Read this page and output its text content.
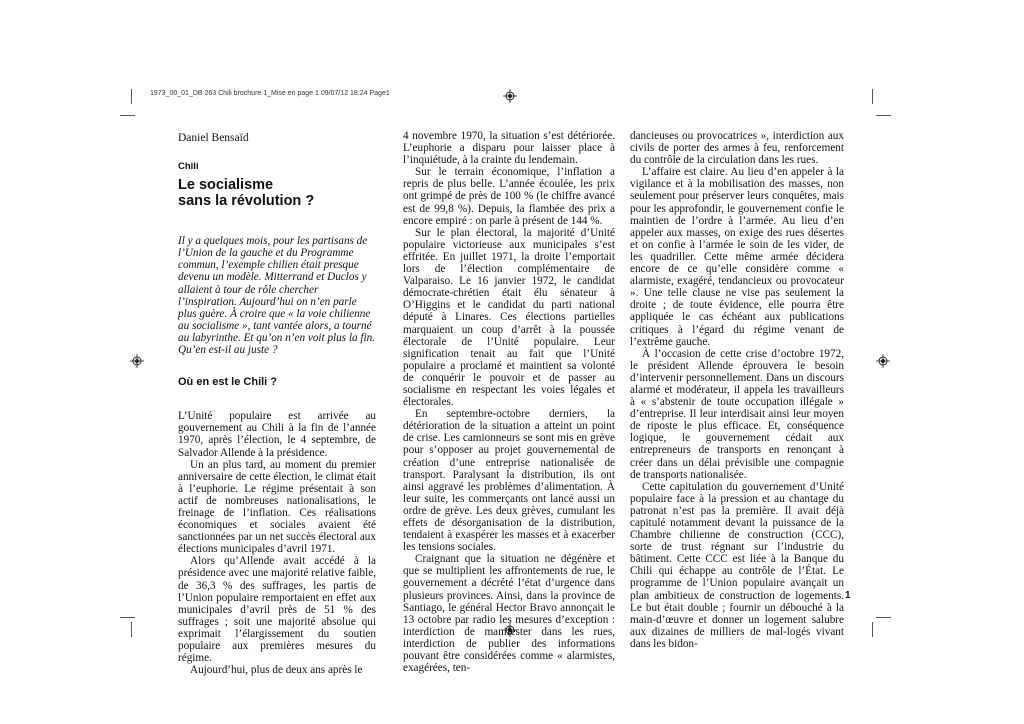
1973_00_01_DB 263 Chili brochure 1_Mise en page 1 09/07/12 18:24 Page1
Daniel Bensaïd
Chili
Le socialisme
sans la révolution ?
Il y a quelques mois, pour les partisans de l’Union de la gauche et du Programme commun, l’exemple chilien était presque devenu un modèle. Mitterrand et Duclos y allaient à tour de rôle chercher l’inspiration. Aujourd’hui on n’en parle plus guère. À croire que « la voie chilienne au socialisme », tant vantée alors, a tourné au labyrinthe. Et qu’on n’en voit plus la fin. Qu’en est-il au juste ?
Où en est le Chili ?

L’Unité populaire est arrivée au gouvernement au Chili à la fin de l’année 1970, après l’élection, le 4 septembre, de Salvador Allende à la présidence.

Un an plus tard, au moment du premier anniversaire de cette élection, le climat était à l’euphorie. Le régime présentait à son actif de nombreuses nationalisations, le freinage de l’inflation. Ces réalisations économiques et sociales avaient été sanctionnées par un net succès électoral aux élections municipales d’avril 1971.

Alors qu’Allende avait accédé à la présidence avec une majorité relative faible, de 36,3 % des suffrages, les partis de l’Union populaire remportaient en effet aux municipales d’avril près de 51 % des suffrages ; soit une majorité absolue qui exprimait l’élargissement du soutien populaire aux premières mesures du régime.

Aujourd’hui, plus de deux ans après le

4 novembre 1970, la situation s’est détériorée. L’euphorie a disparu pour laisser place à l’inquiétude, à la crainte du lendemain.

Sur le terrain économique, l’inflation a repris de plus belle. L’année écoulée, les prix ont grimpé de près de 100 % (le chiffre avancé est de 99,8 %). Depuis, la flambée des prix a encore empiré : on parle à présent de 144 %.

Sur le plan électoral, la majorité d’Unité populaire victorieuse aux municipales s’est effritée. En juillet 1971, la droite l’emportait lors de l’élection complémentaire de Valparaiso. Le 16 janvier 1972, le candidat démocrate-chrétien était élu sénateur à O’Higgins et le candidat du parti national député à Linares. Ces élections partielles marquaient un coup d’arrêt à la poussée électorale de l’Unité populaire. Leur signification tenait au fait que l’Unité populaire a proclamé et maintient sa volonté de conquérir le pouvoir et de passer au socialisme en respectant les voies légales et électorales.

En septembre-octobre derniers, la détérioration de la situation a atteint un point de crise. Les camionneurs se sont mis en grève pour s’opposer au projet gouvernemental de création d’une entreprise nationalisée de transport. Paralysant la distribution, ils ont ainsi aggravé les problèmes d’alimentation. À leur suite, les commerçants ont lancé aussi un ordre de grève. Les deux grèves, cumulant les effets de désorganisation de la distribution, tendaient à exaspérer les masses et à exacerber les tensions sociales.

Craignant que la situation ne dégénère et que se multiplient les affrontements de rue, le gouvernement a décrété l’état d’urgence dans plusieurs provinces. Ainsi, dans la province de Santiago, le général Hector Bravo annonçait le 13 octobre par radio les mesures d’exception : interdiction de manifester dans les rues, interdiction de publier des informations pouvant être considérées comme « alarmistes, exagérées, ten-

dancieuses ou provocatrices », interdiction aux civils de porter des armes à feu, renforcement du contrôle de la circulation dans les rues.

L’affaire est claire. Au lieu d’en appeler à la vigilance et à la mobilisation des masses, non seulement pour préserver leurs conquêtes, mais pour les approfondir, le gouvernement confie le maintien de l’ordre à l’armée. Au lieu d’en appeler aux masses, on exige des rues désertes et on confie à l’armée le soin de les vider, de les quadriller. Cette même armée décidera encore de ce qu’elle considère comme « alarmiste, exagéré, tendancieux ou provocateur ». Une telle clause ne vise pas seulement la droite ; de toute évidence, elle pourra être appliquée le cas échéant aux publications critiques à l’égard du régime venant de l’extrême gauche.

À l’occasion de cette crise d’octobre 1972, le président Allende éprouvera le besoin d’intervenir personnellement. Dans un discours alarmé et modérateur, il appela les travailleurs à « s’abstenir de toute occupation illégale » d’entreprise. Il leur interdisait ainsi leur moyen de riposte le plus efficace. Et, conséquence logique, le gouvernement cédait aux entrepreneurs de transports en renonçant à créer dans un délai prévisible une compagnie de transports nationalisée.

Cette capitulation du gouvernement d’Unité populaire face à la pression et au chantage du patronat n’est pas la première. Il avait déjà capitulé notamment devant la puissance de la Chambre chilienne de construction (CCC), sorte de trust régnant sur l’industrie du bâtiment. Cette CCC est liée à la Banque du Chili qui échappe au contrôle de l’État. Le programme de l’Union populaire avançait un plan ambitieux de construction de logements. Le but était double ; fournir un débouché à la main-d’œuvre et donner un logement salubre aux dizaines de milliers de mal-logés vivant dans les bidon-

1
